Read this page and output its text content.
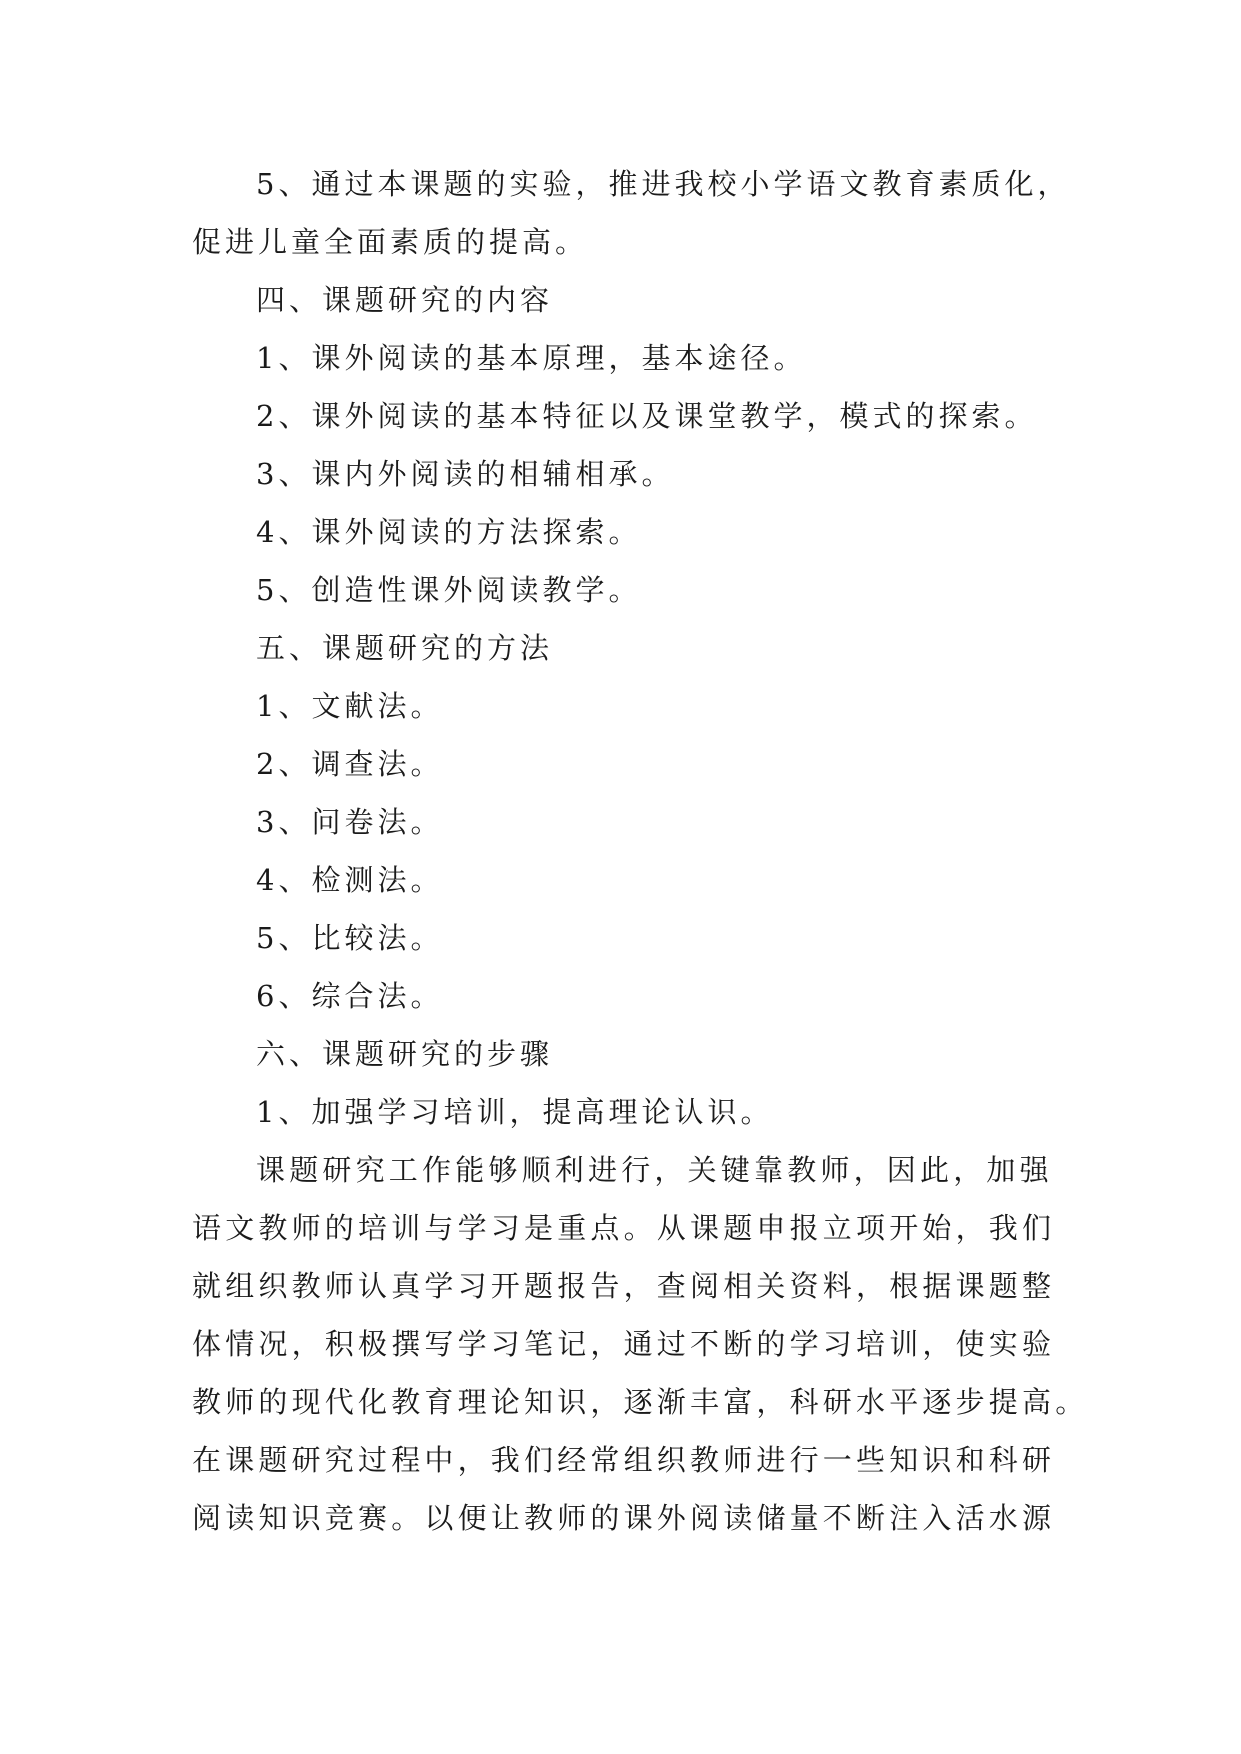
5、通过本课题的实验，推进我校小学语文教育素质化，
促进儿童全面素质的提高。
四、课题研究的内容
1、课外阅读的基本原理，基本途径。
2、课外阅读的基本特征以及课堂教学，模式的探索。
3、课内外阅读的相辅相承。
4、课外阅读的方法探索。
5、创造性课外阅读教学。
五、课题研究的方法
1、文献法。
2、调查法。
3、问卷法。
4、检测法。
5、比较法。
6、综合法。
六、课题研究的步骤
1、加强学习培训，提高理论认识。
课题研究工作能够顺利进行，关键靠教师，因此，加强
语文教师的培训与学习是重点。从课题申报立项开始，我们
就组织教师认真学习开题报告，查阅相关资料，根据课题整
体情况，积极撰写学习笔记，通过不断的学习培训，使实验
教师的现代化教育理论知识，逐渐丰富，科研水平逐步提高。
在课题研究过程中，我们经常组织教师进行一些知识和科研
阅读知识竞赛。以便让教师的课外阅读储量不断注入活水源
